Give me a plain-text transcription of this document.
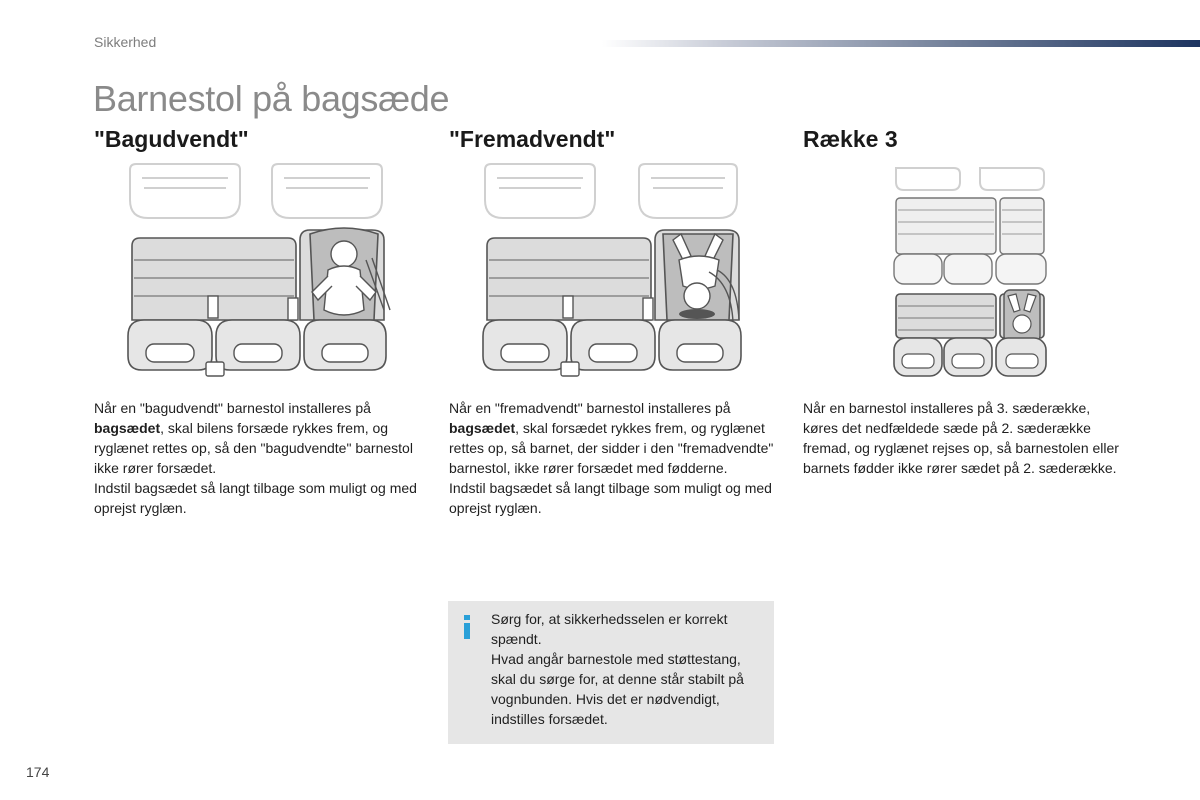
Sikkerhed
Barnestol på bagsæde
"Bagudvendt"	"Fremadvendt"	Række 3
Når en "bagudvendt" barnestol installeres på bagsædet, skal bilens forsæde rykkes frem, og ryglænet rettes op, så den "bagudvendte" barnestol ikke rører forsædet.
Indstil bagsædet så langt tilbage som muligt og med oprejst ryglæn.
Når en "fremadvendt" barnestol installeres på bagsædet, skal forsædet rykkes frem, og ryglænet rettes op, så barnet, der sidder i den "fremadvendte" barnestol, ikke rører forsædet med fødderne.
Indstil bagsædet så langt tilbage som muligt og med oprejst ryglæn.
Når en barnestol installeres på 3. sæderække, køres det nedfældede sæde på 2. sæderække fremad, og ryglænet rejses op, så barnestolen eller barnets fødder ikke rører sædet på 2. sæderække.
Sørg for, at sikkerhedsselen er korrekt spændt.
Hvad angår barnestole med støttestang, skal du sørge for, at denne står stabilt på vognbunden. Hvis det er nødvendigt, indstilles forsædet.
174
